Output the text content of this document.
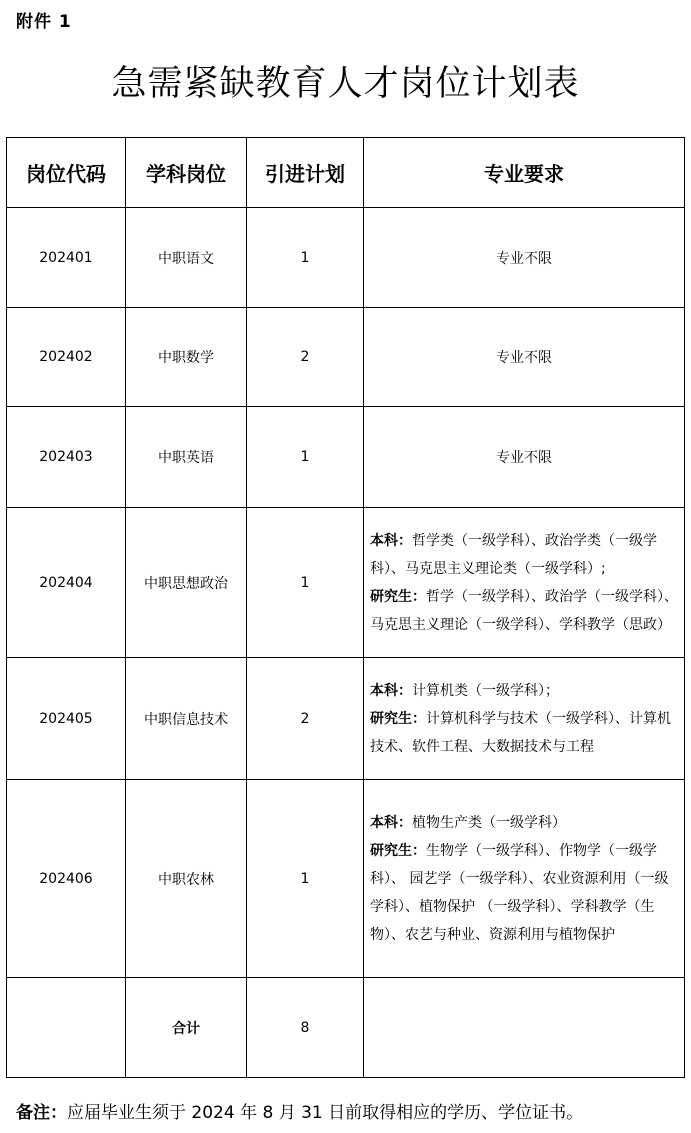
附件 1
急需紧缺教育人才岗位计划表
岗位代码	学科岗位	引进计划	专业要求
202401	中职语文	1	专业不限
202402	中职数学	2	专业不限
202403	中职英语	1	专业不限
202404	中职思想政治	1	本科：哲学类（一级学科）、政治学类（一级学科）、马克思主义理论类（一级学科）;
研究生：哲学（一级学科）、政治学（一级学科）、马克思主义理论（一级学科）、学科教学（思政）

202405	中职信息技术	2	本科：计算机类（一级学科）；
研究生：计算机科学与技术（一级学科）、计算机技术、软件工程、大数据技术与工程

202406	中职农林	1	本科：植物生产类（一级学科）
研究生：生物学（一级学科）、作物学（一级学科）、 园艺学（一级学科）、农业资源利用（一级学科）、植物保护 （一级学科）、学科教学（生物）、农艺与种业、资源利用与植物保护

	合计	8	
备注：应届毕业生须于 2024 年 8 月 31 日前取得相应的学历、学位证书。
